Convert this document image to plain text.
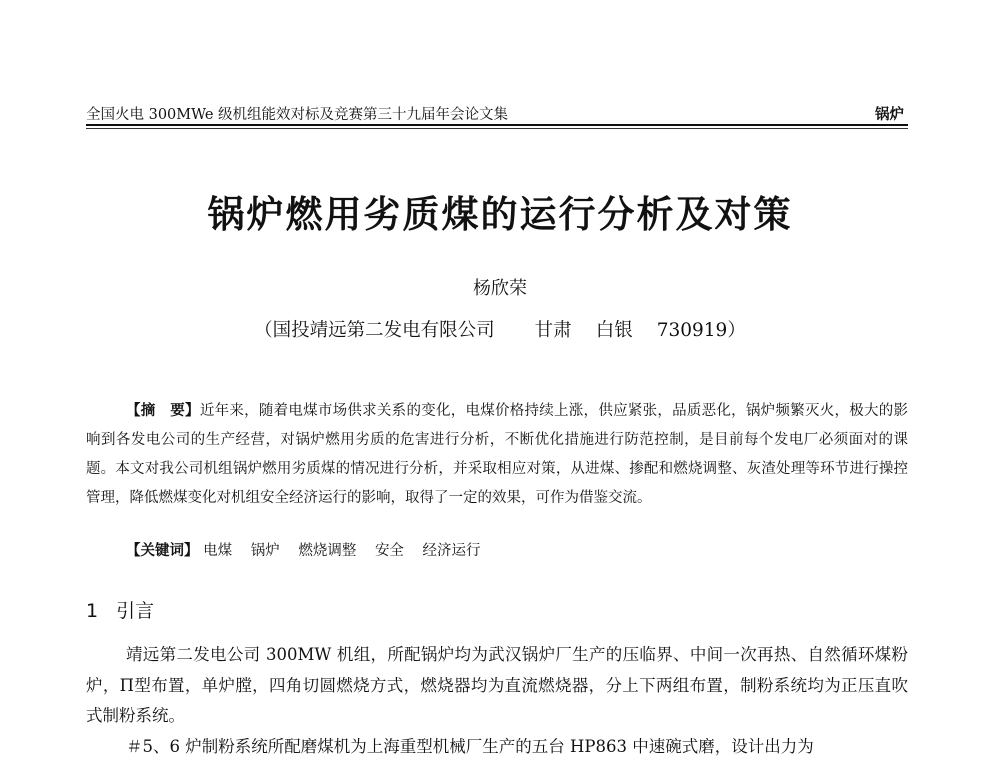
全国火电 300MWe 级机组能效对标及竞赛第三十九届年会论文集	锅炉
锅炉燃用劣质煤的运行分析及对策
杨欣荣
（国投靖远第二发电有限公司 甘肃 白银 730919）
【摘　要】近年来，随着电煤市场供求关系的变化，电煤价格持续上涨，供应紧张，品质恶化，锅炉频繁灭火，极大的影响到各发电公司的生产经营，对锅炉燃用劣质的危害进行分析，不断优化措施进行防范控制，是目前每个发电厂必须面对的课题。本文对我公司机组锅炉燃用劣质煤的情况进行分析，并采取相应对策，从进煤、掺配和燃烧调整、灰渣处理等环节进行操控管理，降低燃煤变化对机组安全经济运行的影响，取得了一定的效果，可作为借鉴交流。
【关键词】 电煤 锅炉 燃烧调整 安全 经济运行
1 引言

靖远第二发电公司 300MW 机组，所配锅炉均为武汉锅炉厂生产的压临界、中间一次再热、自然循环煤粉炉，Π型布置，单炉膛，四角切圆燃烧方式，燃烧器均为直流燃烧器，分上下两组布置，制粉系统均为正压直吹式制粉系统。

＃5、6 炉制粉系统所配磨煤机为上海重型机械厂生产的五台 HP863 中速碗式磨，设计出力为
